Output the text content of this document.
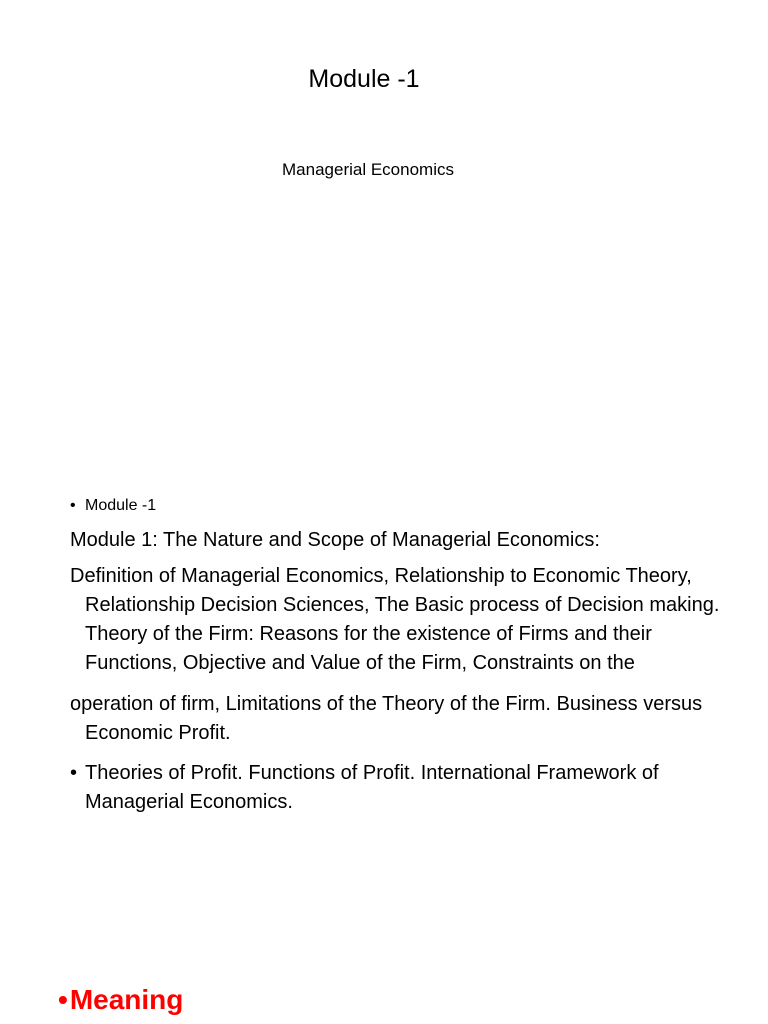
Module -1
Managerial Economics
• Module -1
Module 1: The Nature and Scope of Managerial Economics:
Definition of Managerial Economics, Relationship to Economic Theory, Relationship Decision Sciences, The Basic process of Decision making. Theory of the Firm: Reasons for the existence of Firms and their Functions, Objective and Value of the Firm, Constraints on the
operation of firm, Limitations of the Theory of the Firm. Business versus Economic Profit.
• Theories of Profit. Functions of Profit. International Framework of Managerial Economics.
•Meaning
